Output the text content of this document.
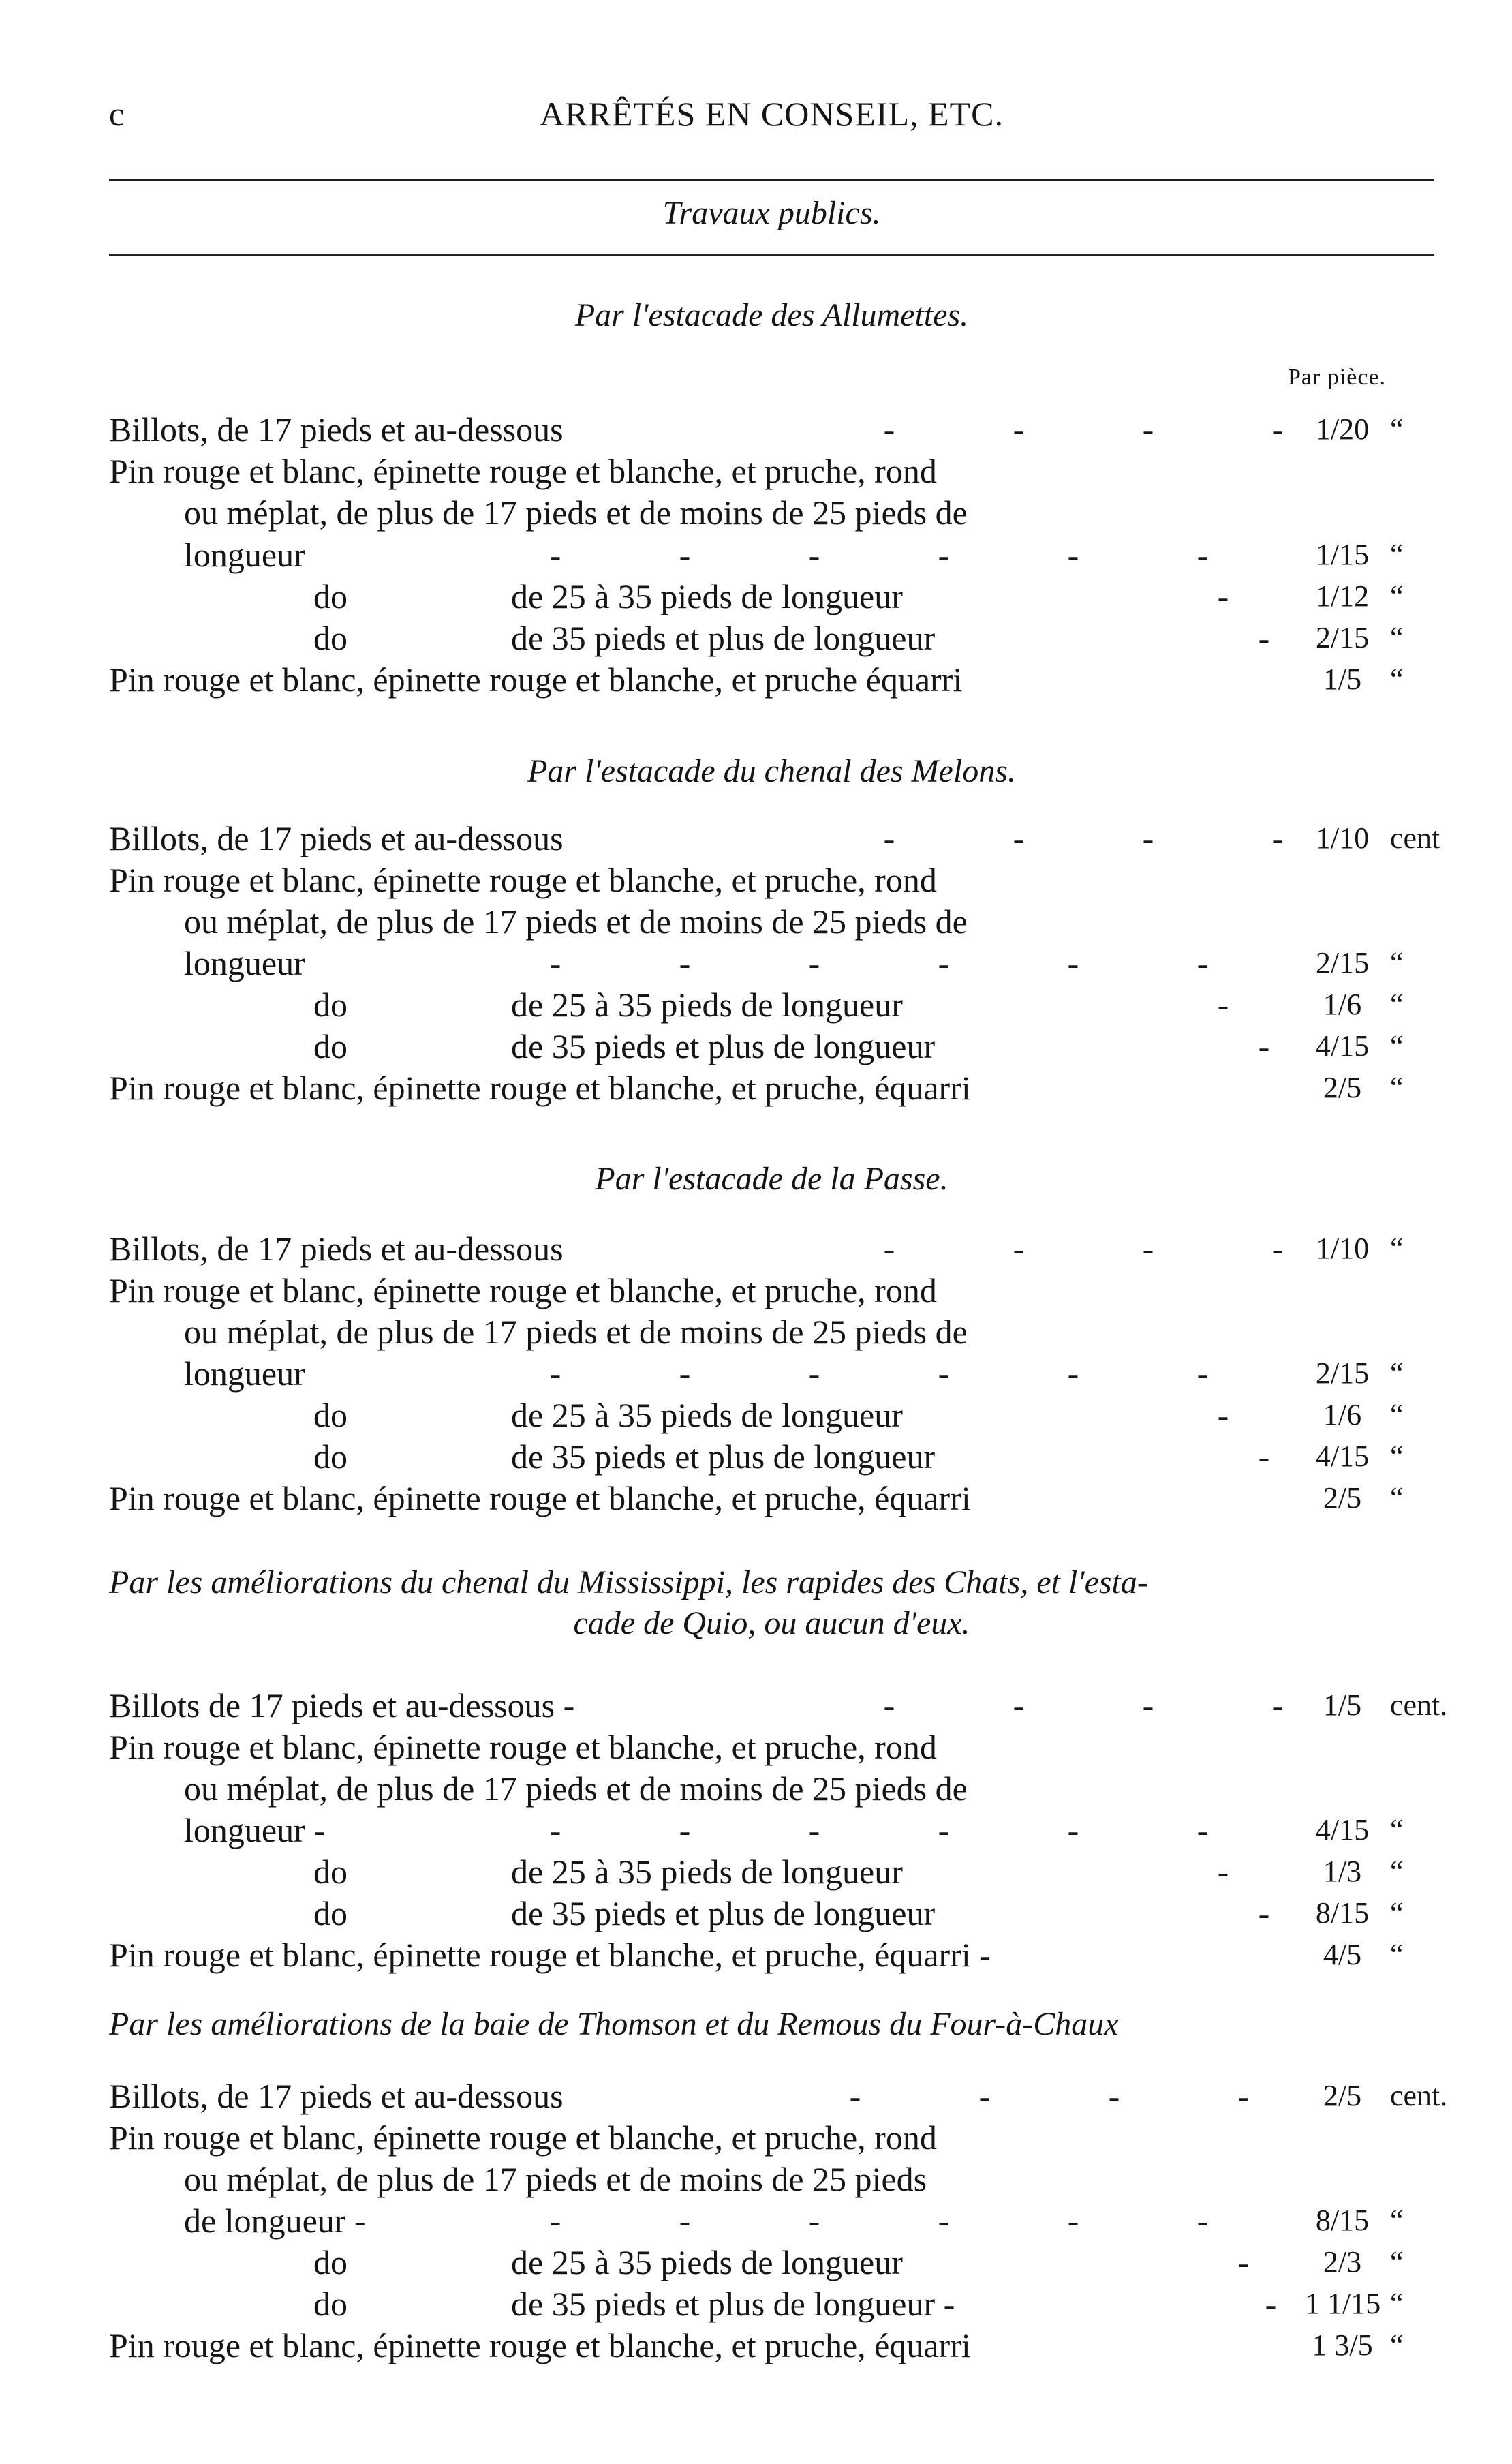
c	ARRÊTÉS EN CONSEIL, ETC.
Travaux publics.
Par pièce.
Par l'estacade des Allumettes.
Billots, de 17 pieds et au-dessous	-	-	-	-	1/20 “
Pin rouge et blanc, épinette rouge et blanche, et pruche, rond
ou méplat, de plus de 17 pieds et de moins de 25 pieds de
longueur	-	-	-	-	-	-	1/15 “
do	de 25 à 35 pieds de longueur	-	1/12 “
do	de 35 pieds et plus de longueur	-	2/15 “
Pin rouge et blanc, épinette rouge et blanche, et pruche équarri	1/5 “
Par l'estacade du chenal des Melons.
Billots, de 17 pieds et au-dessous	-	-	-	-	1/10 cent
Pin rouge et blanc, épinette rouge et blanche, et pruche, rond
ou méplat, de plus de 17 pieds et de moins de 25 pieds de
longueur	-	-	-	-	-	-	2/15 “
do	de 25 à 35 pieds de longueur	-	1/6 “
do	de 35 pieds et plus de longueur	-	4/15 “
Pin rouge et blanc, épinette rouge et blanche, et pruche, équarri	2/5 “
Par l'estacade de la Passe.
Billots, de 17 pieds et au-dessous	-	-	-	-	1/10 “
Pin rouge et blanc, épinette rouge et blanche, et pruche, rond
ou méplat, de plus de 17 pieds et de moins de 25 pieds de
longueur	-	-	-	-	-	-	2/15 “
do	de 25 à 35 pieds de longueur	-	1/6 “
do	de 35 pieds et plus de longueur	-	4/15 “
Pin rouge et blanc, épinette rouge et blanche, et pruche, équarri	2/5 “
Par les améliorations du chenal du Mississippi, les rapides des Chats, et l'esta-
cade de Quio, ou aucun d'eux.
Billots de 17 pieds et au-dessous -	-	-	-	-	1/5 cent.
Pin rouge et blanc, épinette rouge et blanche, et pruche, rond
ou méplat, de plus de 17 pieds et de moins de 25 pieds de
longueur -	-	-	-	-	-	-	4/15 “
do	de 25 à 35 pieds de longueur	-	1/3 “
do	de 35 pieds et plus de longueur	-	8/15 “
Pin rouge et blanc, épinette rouge et blanche, et pruche, équarri -	4/5 “
Par les améliorations de la baie de Thomson et du Remous du Four-à-Chaux
Billots, de 17 pieds et au-dessous	-	-	-	-	2/5 cent.
Pin rouge et blanc, épinette rouge et blanche, et pruche, rond
ou méplat, de plus de 17 pieds et de moins de 25 pieds
de longueur -	-	-	-	-	-	-	8/15 “
do	de 25 à 35 pieds de longueur	-	2/3 “
do	de 35 pieds et plus de longueur -	- 1 1/15 “
Pin rouge et blanc, épinette rouge et blanche, et pruche, équarri	1 3/5 “
